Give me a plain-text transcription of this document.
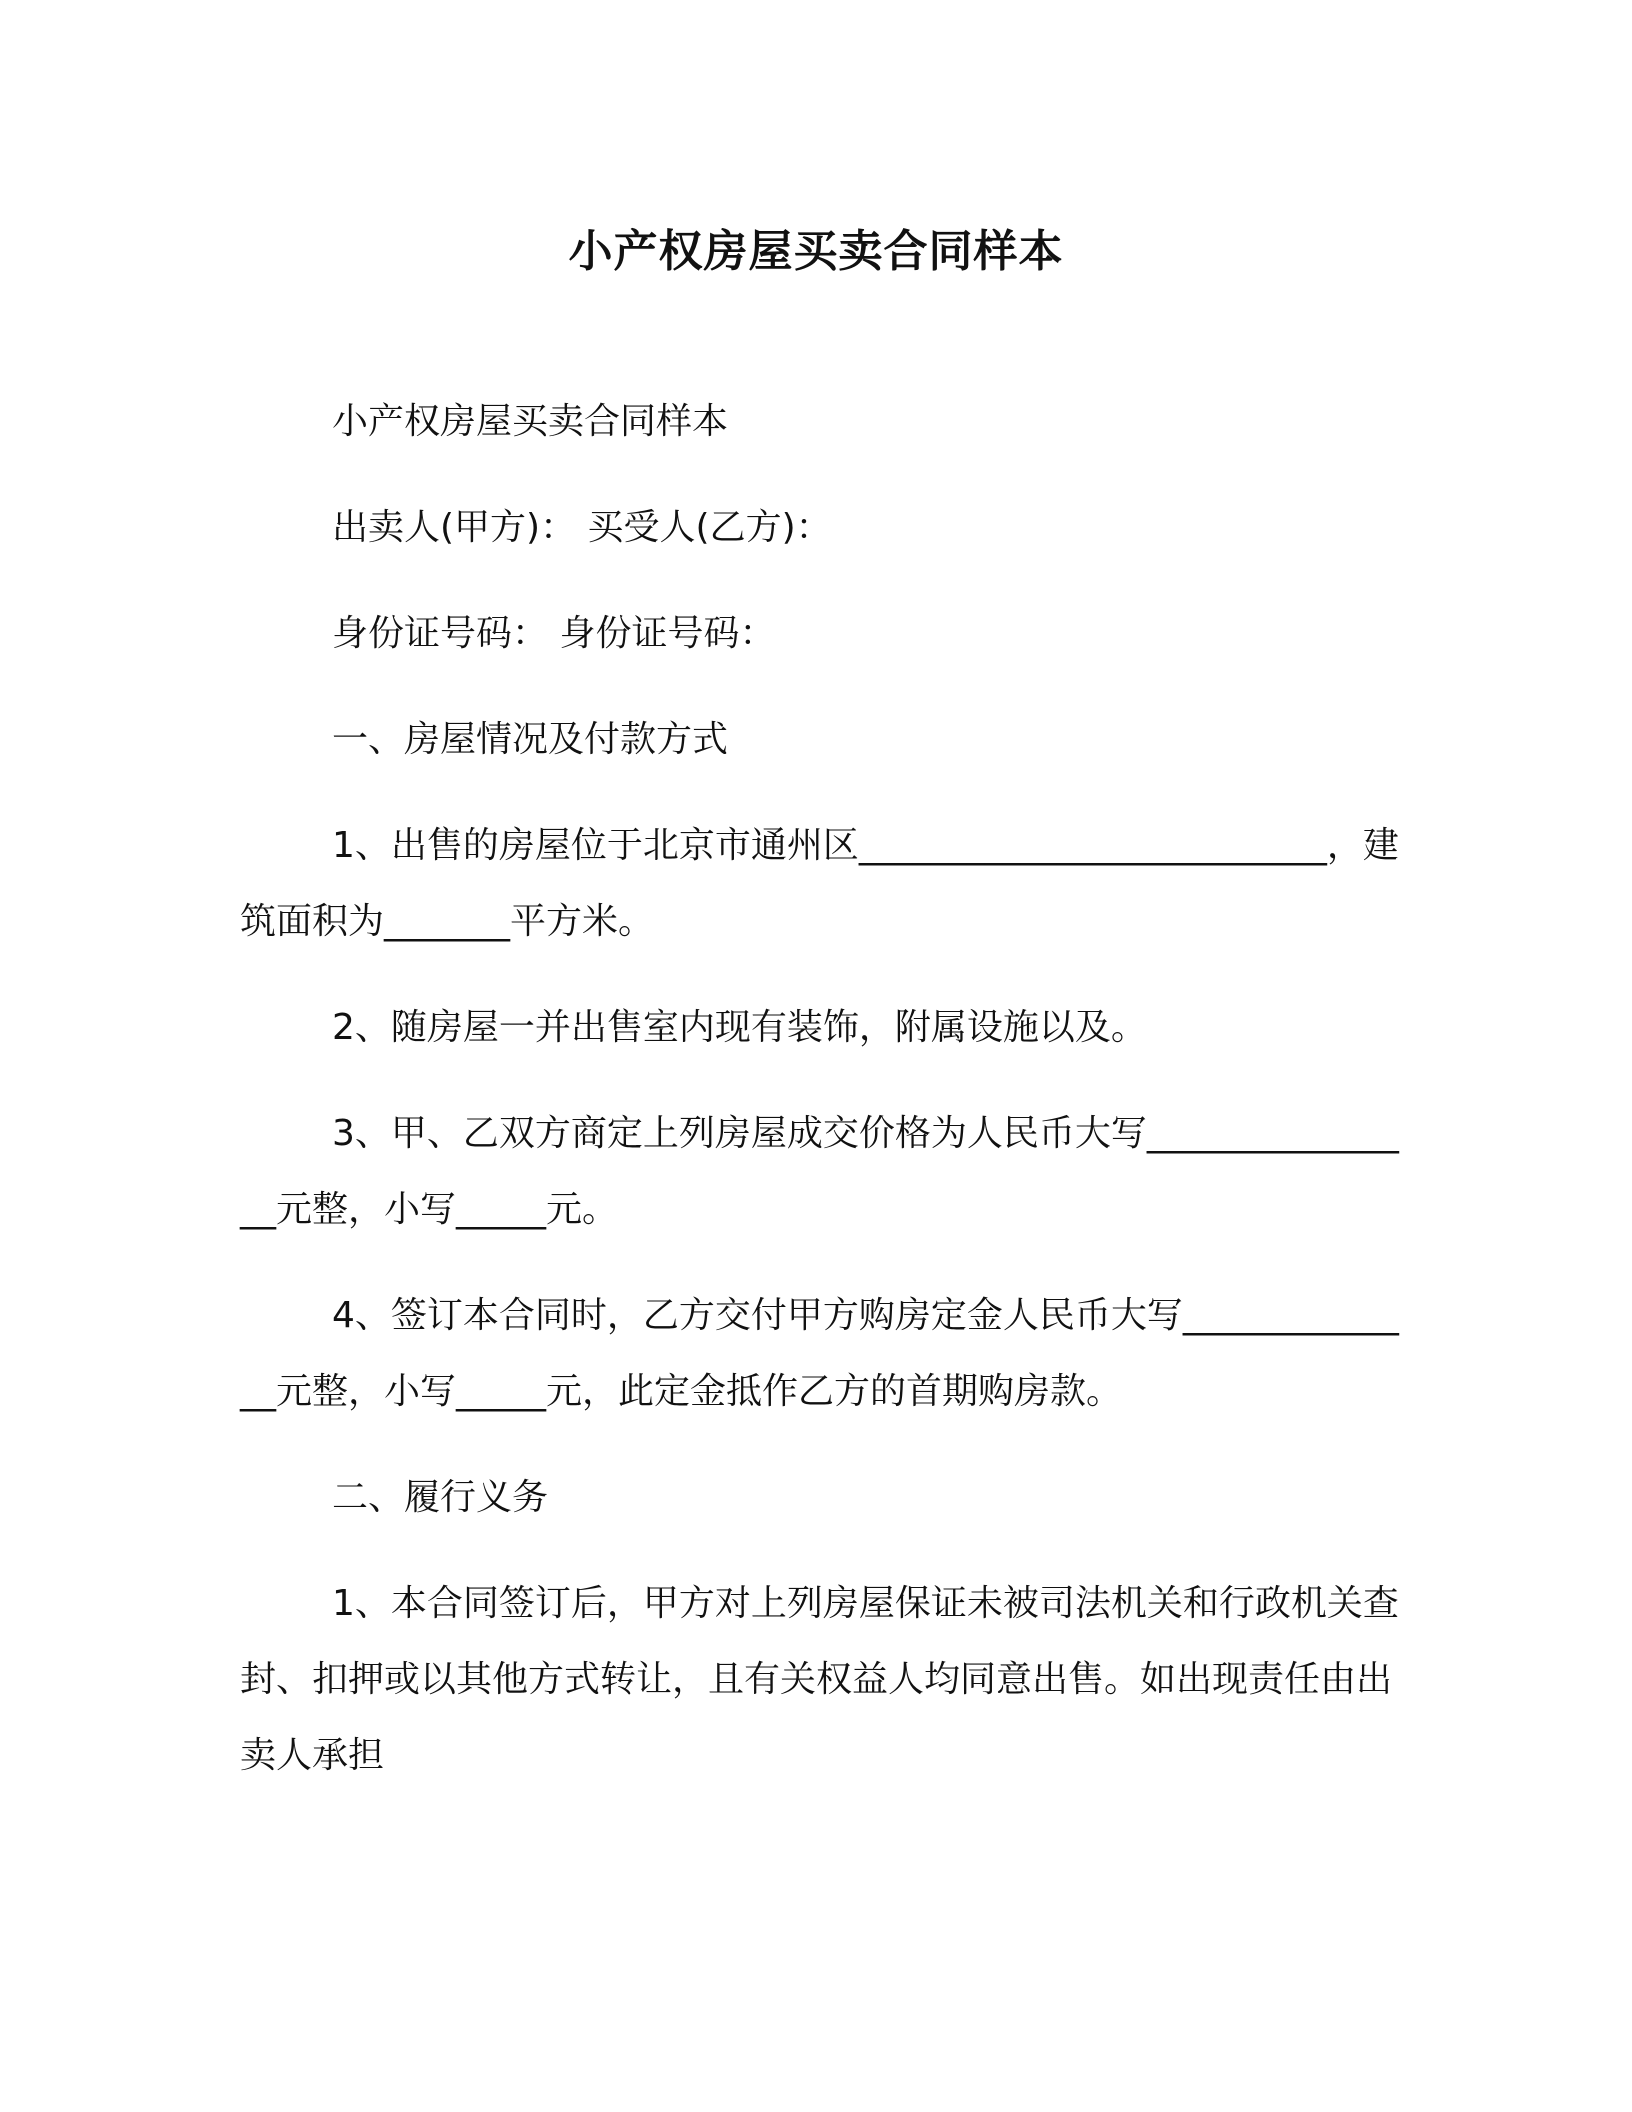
小产权房屋买卖合同样本

小产权房屋买卖合同样本

出卖人(甲方)： 买受人(乙方)：

身份证号码： 身份证号码：

一、房屋情况及付款方式

1、出售的房屋位于北京市通州区__________________________，建筑面积为_______平方米。

2、随房屋一并出售室内现有装饰，附属设施以及。

3、甲、乙双方商定上列房屋成交价格为人民币大写________________元整，小写_____元。

4、签订本合同时，乙方交付甲方购房定金人民币大写______________元整，小写_____元，此定金抵作乙方的首期购房款。

二、履行义务

1、本合同签订后，甲方对上列房屋保证未被司法机关和行政机关查封、扣押或以其他方式转让，且有关权益人均同意出售。如出现责任由出卖人承担
